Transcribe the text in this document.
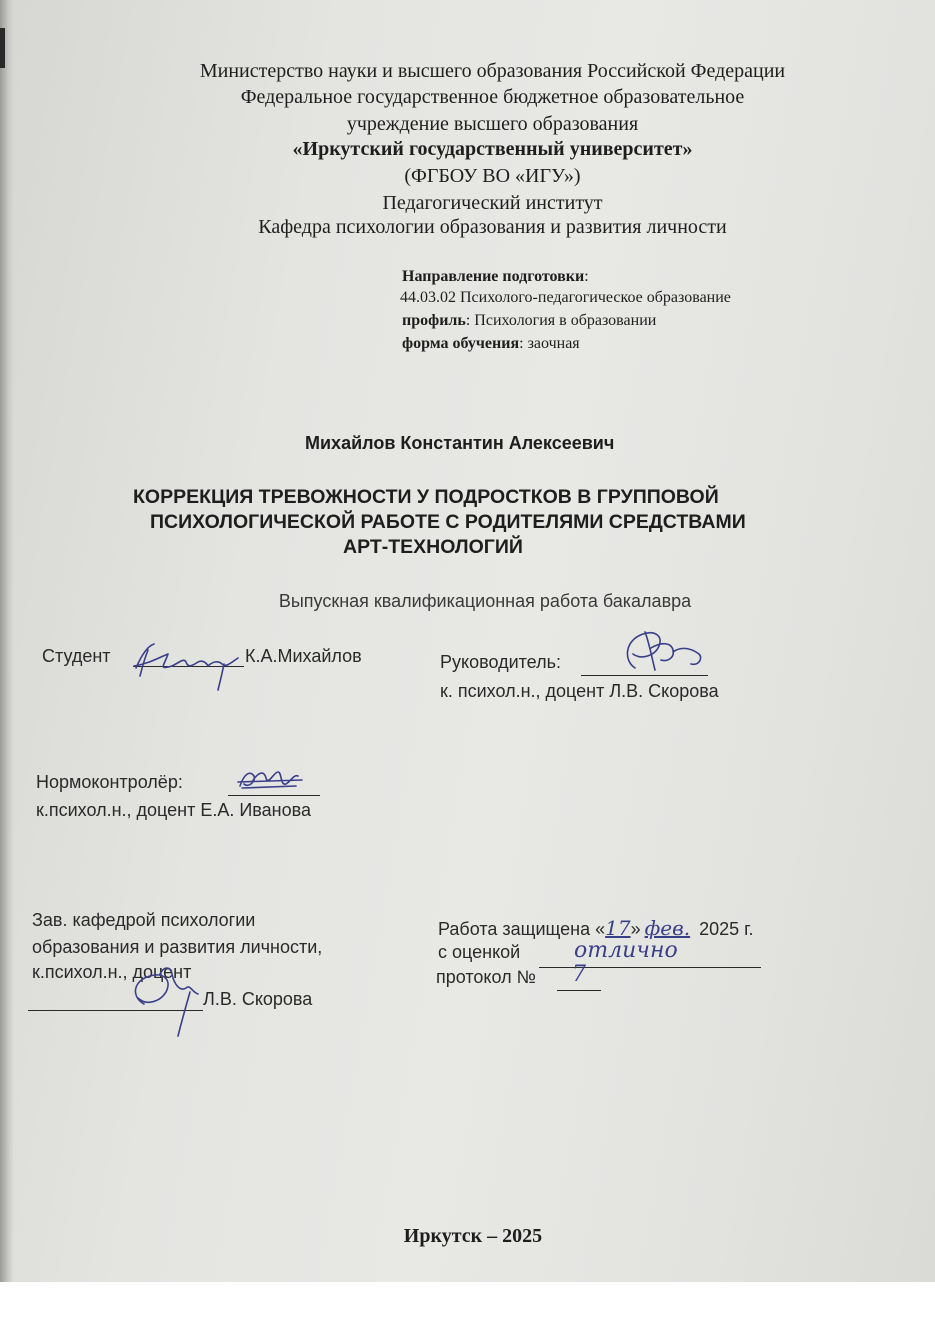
Министерство науки и высшего образования Российской Федерации

Федеральное государственное бюджетное образовательное

учреждение высшего образования

«Иркутский государственный университет»

(ФГБОУ ВО «ИГУ»)

Педагогический институт

Кафедра психологии образования и развития личности

Направление подготовки:

44.03.02 Психолого-педагогическое образование

профиль: Психология в образовании

форма обучения: заочная

Михайлов Константин Алексеевич

КОРРЕКЦИЯ ТРЕВОЖНОСТИ У ПОДРОСТКОВ В ГРУППОВОЙ

ПСИХОЛОГИЧЕСКОЙ РАБОТЕ С РОДИТЕЛЯМИ СРЕДСТВАМИ

АРТ-ТЕХНОЛОГИЙ

Выпускная квалификационная работа бакалавра

Студент	К.А.Михайлов	Руководитель:

к. психол.н., доцент Л.В. Скорова

Нормоконтролёр:

к.психол.н., доцент Е.А. Иванова

Зав. кафедрой психологии

образования и развития личности,

к.психол.н., доцент

Л.В. Скорова

Работа защищена «17» фев. 2025 г.

с оценкой отлично

протокол № 7

Иркутск – 2025
